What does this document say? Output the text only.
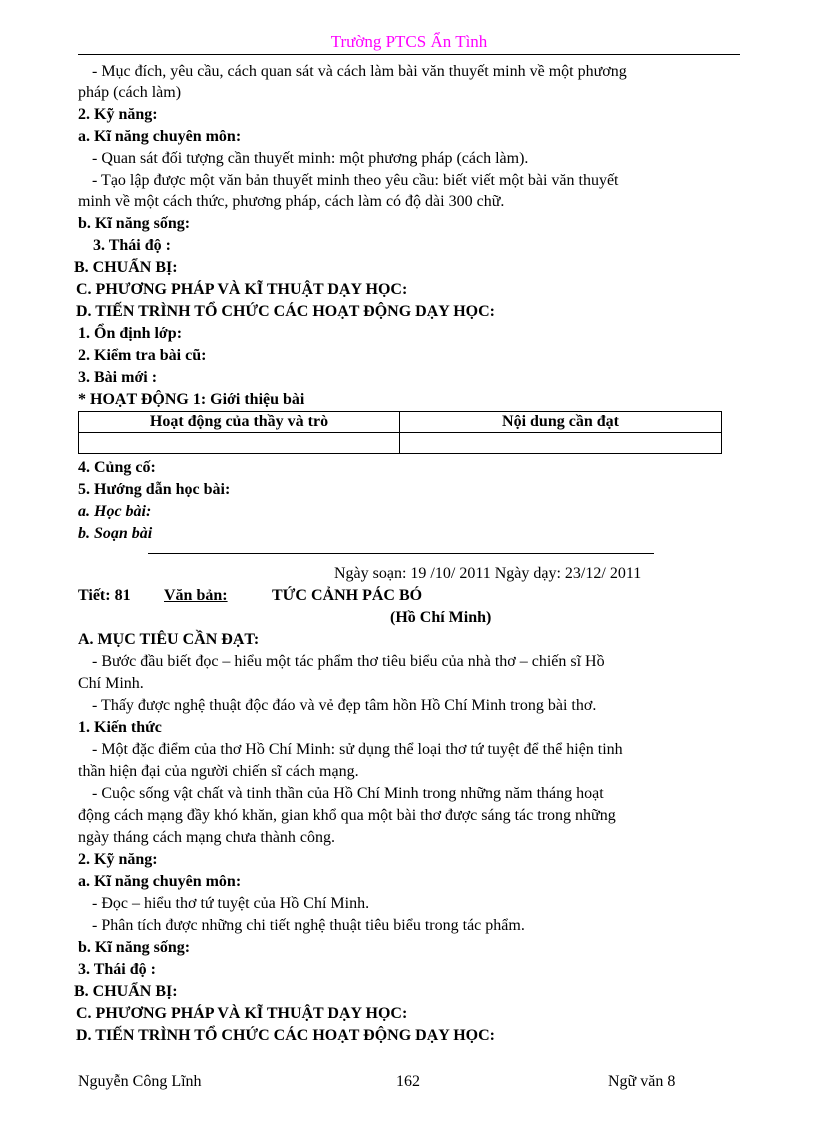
Trường PTCS Ẩn Tình
- Mục đích, yêu cầu, cách quan sát và cách làm bài văn thuyết minh về một phương
pháp (cách làm)
2. Kỹ năng:
a. Kĩ năng chuyên môn:
- Quan sát đối tượng cần thuyết minh: một phương pháp (cách làm).
- Tạo lập được một văn bản thuyết minh theo yêu cầu: biết viết một bài văn thuyết
minh về một cách thức, phương pháp, cách làm có độ dài 300 chữ.
b. Kĩ năng sống:
3. Thái độ :
B. CHUẨN BỊ:
C. PHƯƠNG PHÁP VÀ KĨ THUẬT DẠY HỌC:
D. TIẾN TRÌNH TỔ CHỨC CÁC HOẠT ĐỘNG DẠY HỌC:
1. Ổn định lớp:
2. Kiểm tra bài cũ:
3. Bài mới :
* HOẠT ĐỘNG 1: Giới thiệu bài
Hoạt động của thầy và trò	Nội dung cần đạt

4. Củng cố:
5. Hướng dẫn học bài:
a. Học bài:
b. Soạn bài
Ngày soạn: 19 /10/ 2011 Ngày dạy: 23/12/ 2011
Tiết: 81 Văn bản:	TỨC CẢNH PÁC BÓ
(Hồ Chí Minh)
A. MỤC TIÊU CẦN ĐẠT:
- Bước đầu biết đọc – hiểu một tác phẩm thơ tiêu biểu của nhà thơ – chiến sĩ Hồ
Chí Minh.
- Thấy được nghệ thuật độc đáo và vẻ đẹp tâm hồn Hồ Chí Minh trong bài thơ.
1. Kiến thức
- Một đặc điểm của thơ Hồ Chí Minh: sử dụng thể loại thơ tứ tuyệt để thể hiện tinh
thần hiện đại của người chiến sĩ cách mạng.
- Cuộc sống vật chất và tinh thần của Hồ Chí Minh trong những năm tháng hoạt
động cách mạng đầy khó khăn, gian khổ qua một bài thơ được sáng tác trong những
ngày tháng cách mạng chưa thành công.
2. Kỹ năng:
a. Kĩ năng chuyên môn:
- Đọc – hiểu thơ tứ tuyệt của Hồ Chí Minh.
- Phân tích được những chi tiết nghệ thuật tiêu biểu trong tác phẩm.
b. Kĩ năng sống:
3. Thái độ :
B. CHUẨN BỊ:
C. PHƯƠNG PHÁP VÀ KĨ THUẬT DẠY HỌC:
D. TIẾN TRÌNH TỔ CHỨC CÁC HOẠT ĐỘNG DẠY HỌC:
Nguyễn Công Lĩnh	162	Ngữ văn 8
